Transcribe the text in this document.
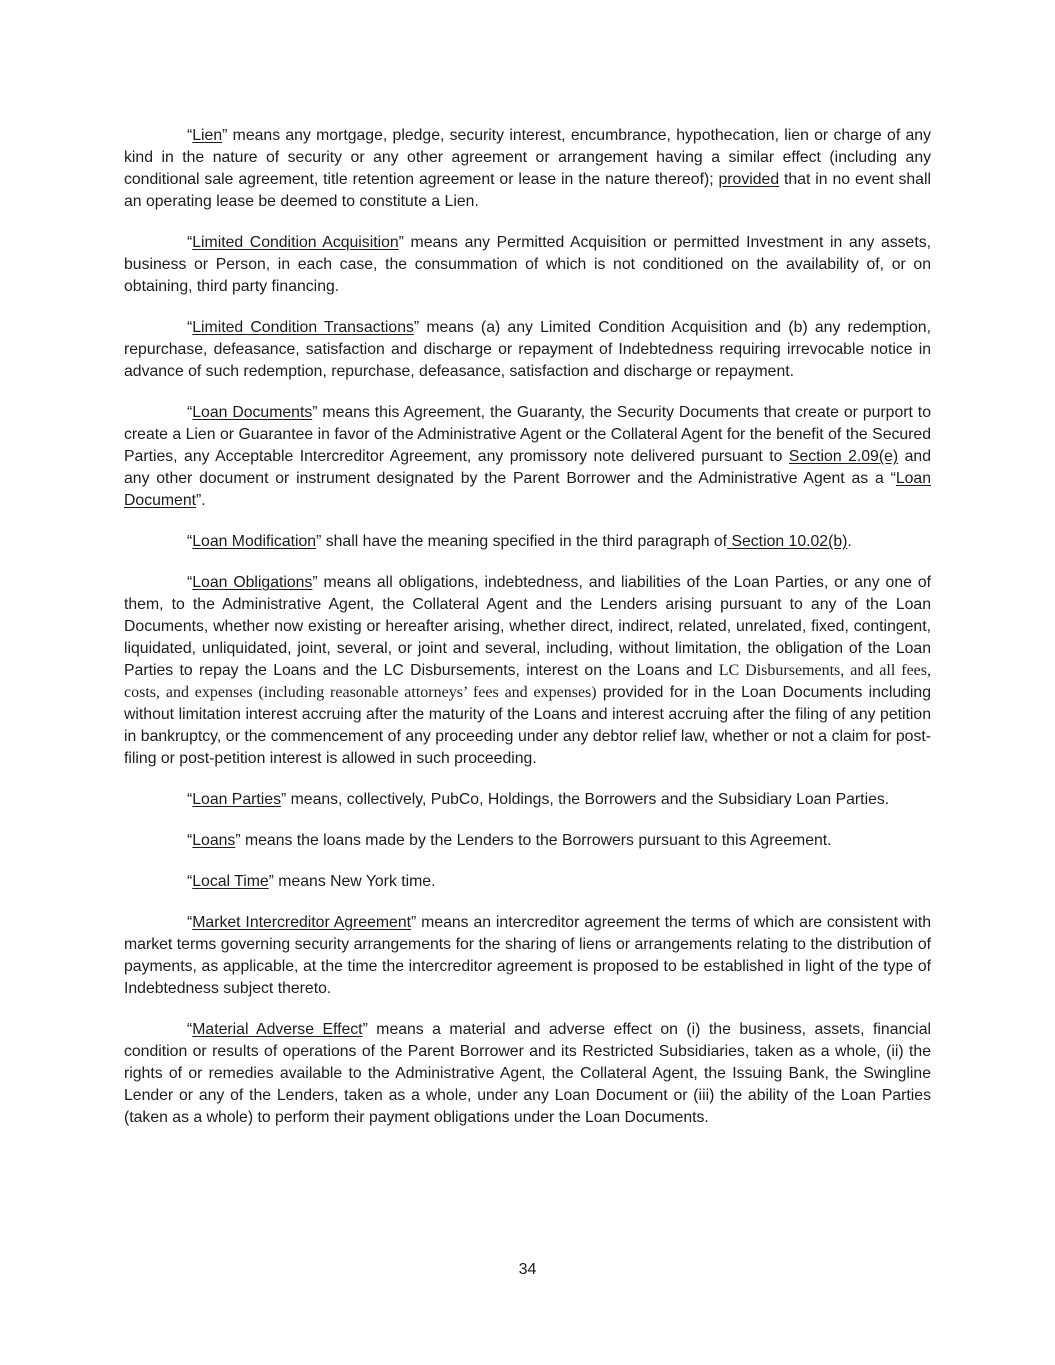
“Lien” means any mortgage, pledge, security interest, encumbrance, hypothecation, lien or charge of any kind in the nature of security or any other agreement or arrangement having a similar effect (including any conditional sale agreement, title retention agreement or lease in the nature thereof); provided that in no event shall an operating lease be deemed to constitute a Lien.

“Limited Condition Acquisition” means any Permitted Acquisition or permitted Investment in any assets, business or Person, in each case, the consummation of which is not conditioned on the availability of, or on obtaining, third party financing.

“Limited Condition Transactions” means (a) any Limited Condition Acquisition and (b) any redemption, repurchase, defeasance, satisfaction and discharge or repayment of Indebtedness requiring irrevocable notice in advance of such redemption, repurchase, defeasance, satisfaction and discharge or repayment.

“Loan Documents” means this Agreement, the Guaranty, the Security Documents that create or purport to create a Lien or Guarantee in favor of the Administrative Agent or the Collateral Agent for the benefit of the Secured Parties, any Acceptable Intercreditor Agreement, any promissory note delivered pursuant to Section 2.09(e) and any other document or instrument designated by the Parent Borrower and the Administrative Agent as a “Loan Document”.

“Loan Modification” shall have the meaning specified in the third paragraph of Section 10.02(b).

“Loan Obligations” means all obligations, indebtedness, and liabilities of the Loan Parties, or any one of them, to the Administrative Agent, the Collateral Agent and the Lenders arising pursuant to any of the Loan Documents, whether now existing or hereafter arising, whether direct, indirect, related, unrelated, fixed, contingent, liquidated, unliquidated, joint, several, or joint and several, including, without limitation, the obligation of the Loan Parties to repay the Loans and the LC Disbursements, interest on the Loans and LC Disbursements, and all fees, costs, and expenses (including reasonable attorneys’ fees and expenses) provided for in the Loan Documents including without limitation interest accruing after the maturity of the Loans and interest accruing after the filing of any petition in bankruptcy, or the commencement of any proceeding under any debtor relief law, whether or not a claim for post-filing or post-petition interest is allowed in such proceeding.

“Loan Parties” means, collectively, PubCo, Holdings, the Borrowers and the Subsidiary Loan Parties.

“Loans” means the loans made by the Lenders to the Borrowers pursuant to this Agreement.

“Local Time” means New York time.

“Market Intercreditor Agreement” means an intercreditor agreement the terms of which are consistent with market terms governing security arrangements for the sharing of liens or arrangements relating to the distribution of payments, as applicable, at the time the intercreditor agreement is proposed to be established in light of the type of Indebtedness subject thereto.

“Material Adverse Effect” means a material and adverse effect on (i) the business, assets, financial condition or results of operations of the Parent Borrower and its Restricted Subsidiaries, taken as a whole, (ii) the rights of or remedies available to the Administrative Agent, the Collateral Agent, the Issuing Bank, the Swingline Lender or any of the Lenders, taken as a whole, under any Loan Document or (iii) the ability of the Loan Parties (taken as a whole) to perform their payment obligations under the Loan Documents.

34
